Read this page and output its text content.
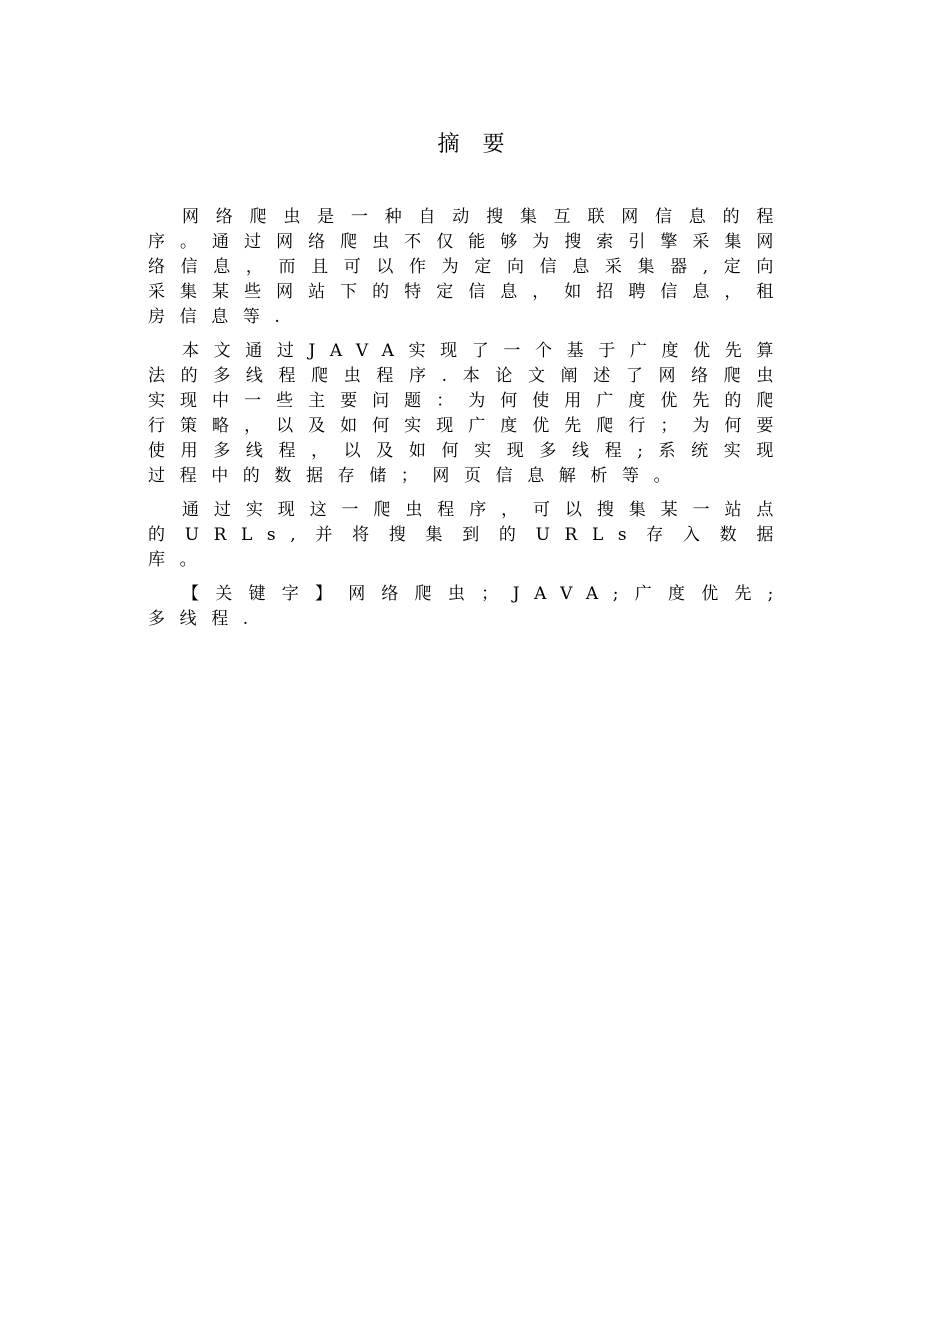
摘 要

网络爬虫是一种自动搜集互联网信息的程序。通过网络爬虫不仅能够为搜索引擎采集网络信息，而且可以作为定向信息采集器,定向采集某些网站下的特定信息，如招聘信息，租房信息等.

本文通过JAVA实现了一个基于广度优先算法的多线程爬虫程序.本论文阐述了网络爬虫实现中一些主要问题：为何使用广度优先的爬行策略，以及如何实现广度优先爬行；为何要使用多线程，以及如何实现多线程;系统实现过程中的数据存储；网页信息解析等。

通过实现这一爬虫程序，可以搜集某一站点的URLs,并将搜集到的URLs存入数据库。

【关键字】网络爬虫；JAVA;广度优先;多线程.
